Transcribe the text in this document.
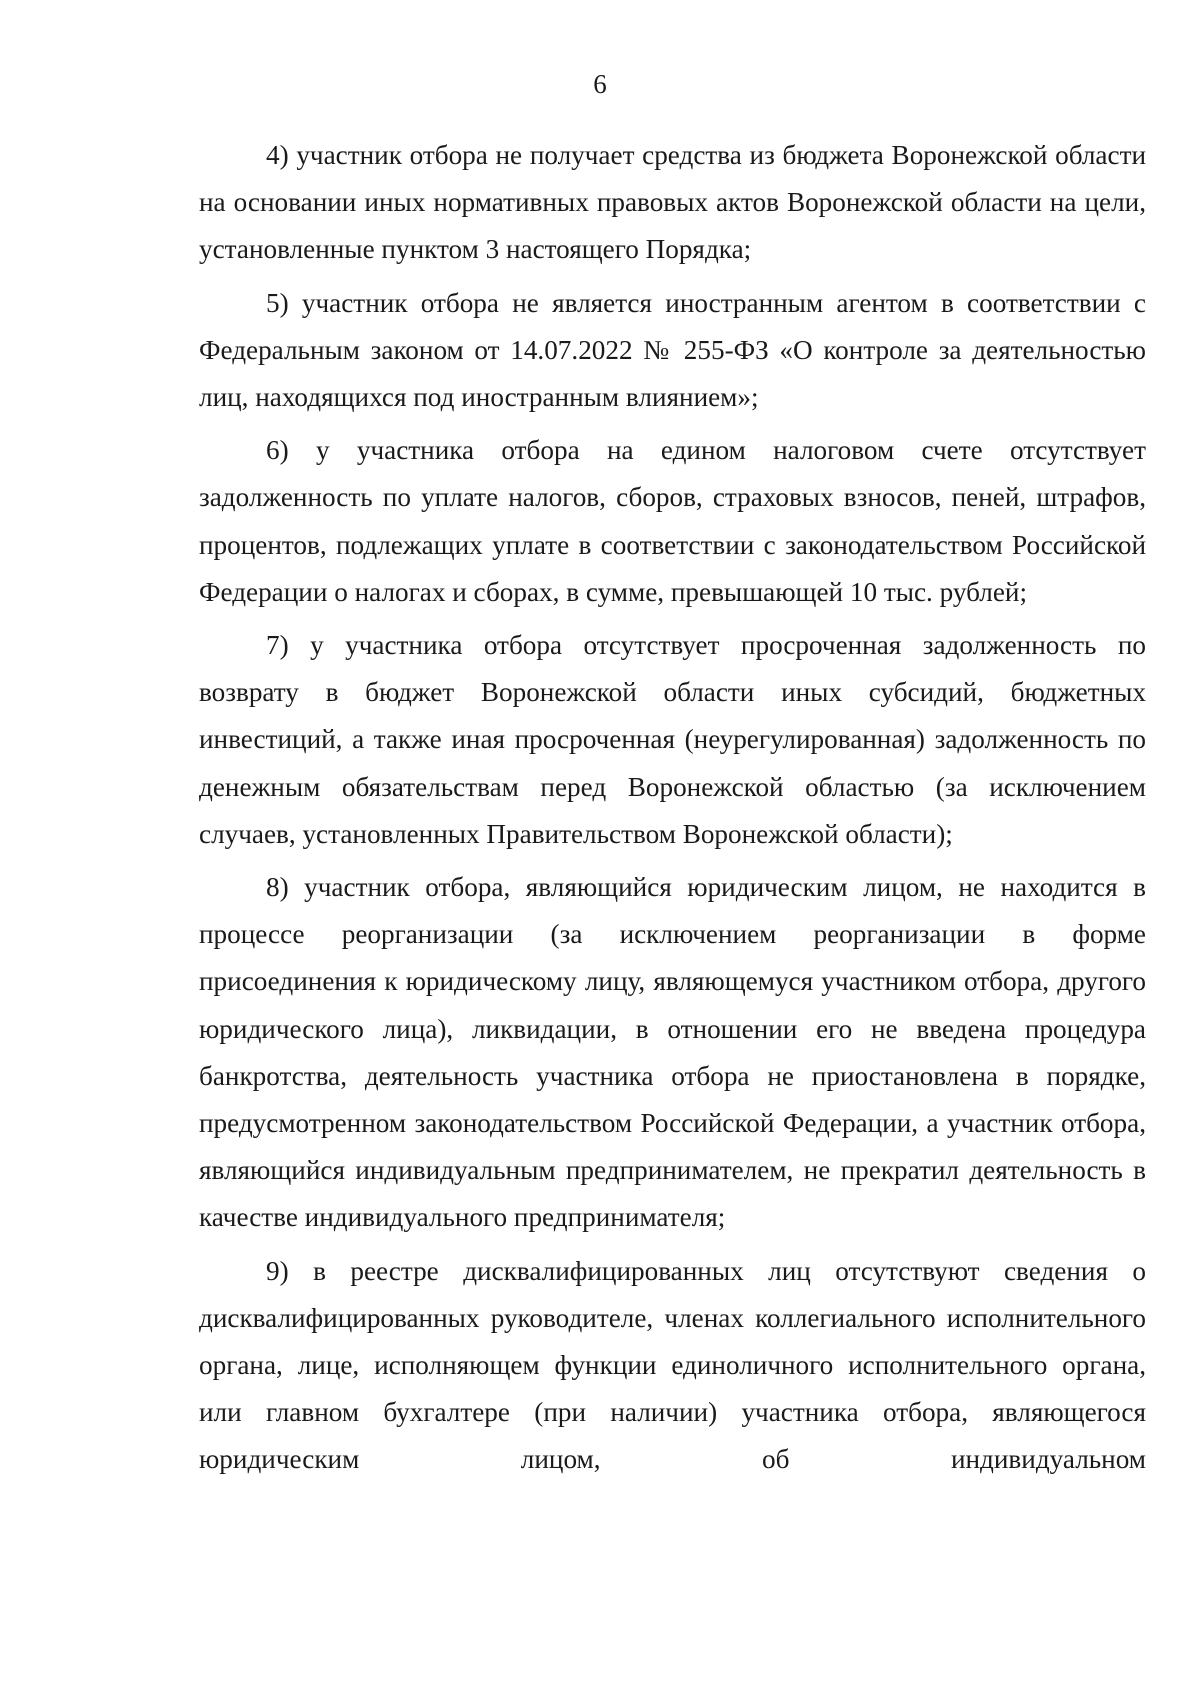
6

4) участник отбора не получает средства из бюджета Воронежской области на основании иных нормативных правовых актов Воронежской области на цели, установленные пунктом 3 настоящего Порядка;

5) участник отбора не является иностранным агентом в соответствии с Федеральным законом от 14.07.2022 № 255-ФЗ «О контроле за деятельностью лиц, находящихся под иностранным влиянием»;

6) у участника отбора на едином налоговом счете отсутствует задолженность по уплате налогов, сборов, страховых взносов, пеней, штрафов, процентов, подлежащих уплате в соответствии с законодательством Российской Федерации о налогах и сборах, в сумме, превышающей 10 тыс. рублей;

7) у участника отбора отсутствует просроченная задолженность по возврату в бюджет Воронежской области иных субсидий, бюджетных инвестиций, а также иная просроченная (неурегулированная) задолженность по денежным обязательствам перед Воронежской областью (за исключением случаев, установленных Правительством Воронежской области);

8) участник отбора, являющийся юридическим лицом, не находится в процессе реорганизации (за исключением реорганизации в форме присоединения к юридическому лицу, являющемуся участником отбора, другого юридического лица), ликвидации, в отношении его не введена процедура банкротства, деятельность участника отбора не приостановлена в порядке, предусмотренном законодательством Российской Федерации, а участник отбора, являющийся индивидуальным предпринимателем, не прекратил деятельность в качестве индивидуального предпринимателя;

9) в реестре дисквалифицированных лиц отсутствуют сведения о дисквалифицированных руководителе, членах коллегиального исполнительного органа, лице, исполняющем функции единоличного исполнительного органа, или главном бухгалтере (при наличии) участника отбора, являющегося юридическим лицом, об индивидуальном
